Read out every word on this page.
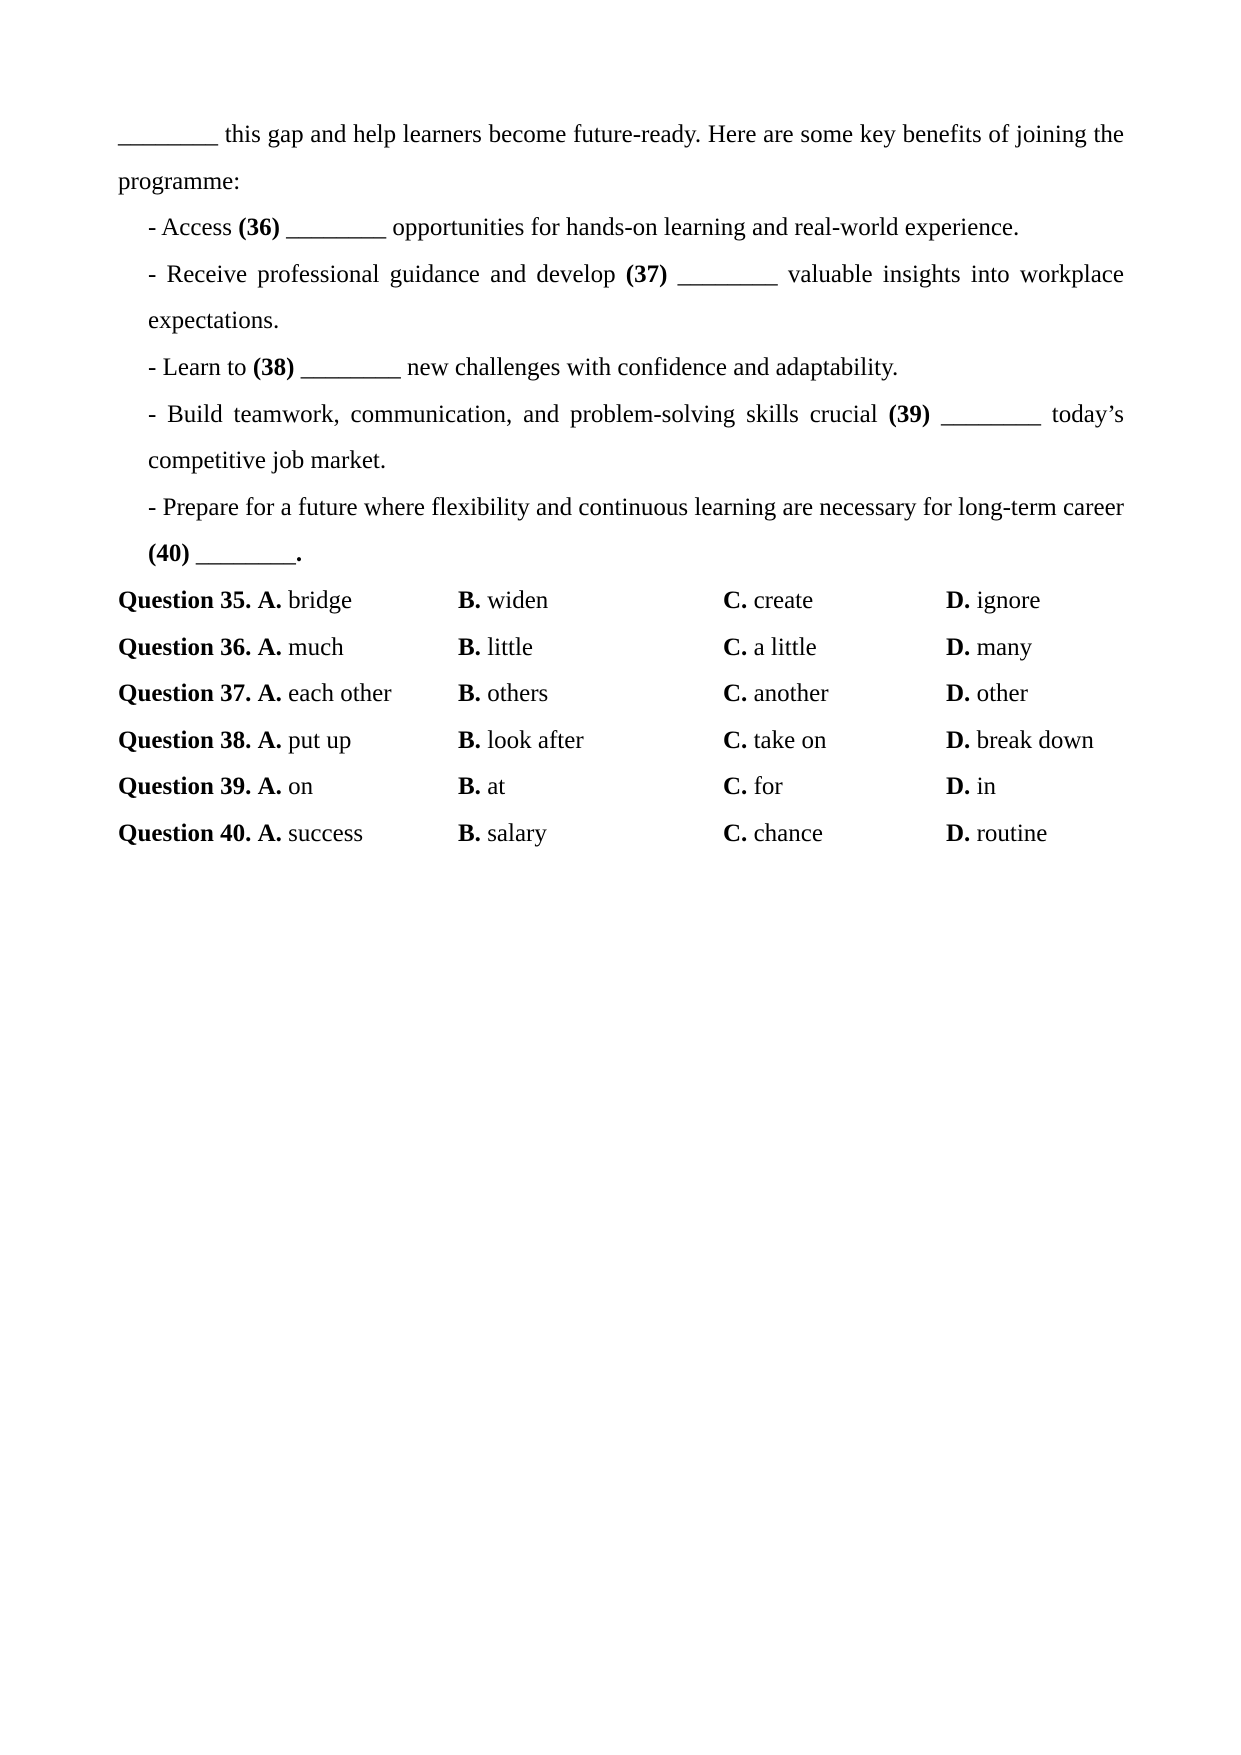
________ this gap and help learners become future-ready. Here are some key benefits of joining the programme:

- Access (36) ________ opportunities for hands-on learning and real-world experience.

- Receive professional guidance and develop (37) ________ valuable insights into workplace expectations.

- Learn to (38) ________ new challenges with confidence and adaptability.

- Build teamwork, communication, and problem-solving skills crucial (39) ________ today’s competitive job market.

- Prepare for a future where flexibility and continuous learning are necessary for long-term career (40) ________.

Question 35. A. bridge	B. widen	C. create	D. ignore
Question 36. A. much	B. little	C. a little	D. many
Question 37. A. each other	B. others	C. another	D. other
Question 38. A. put up	B. look after	C. take on	D. break down
Question 39. A. on	B. at	C. for	D. in
Question 40. A. success	B. salary	C. chance	D. routine
